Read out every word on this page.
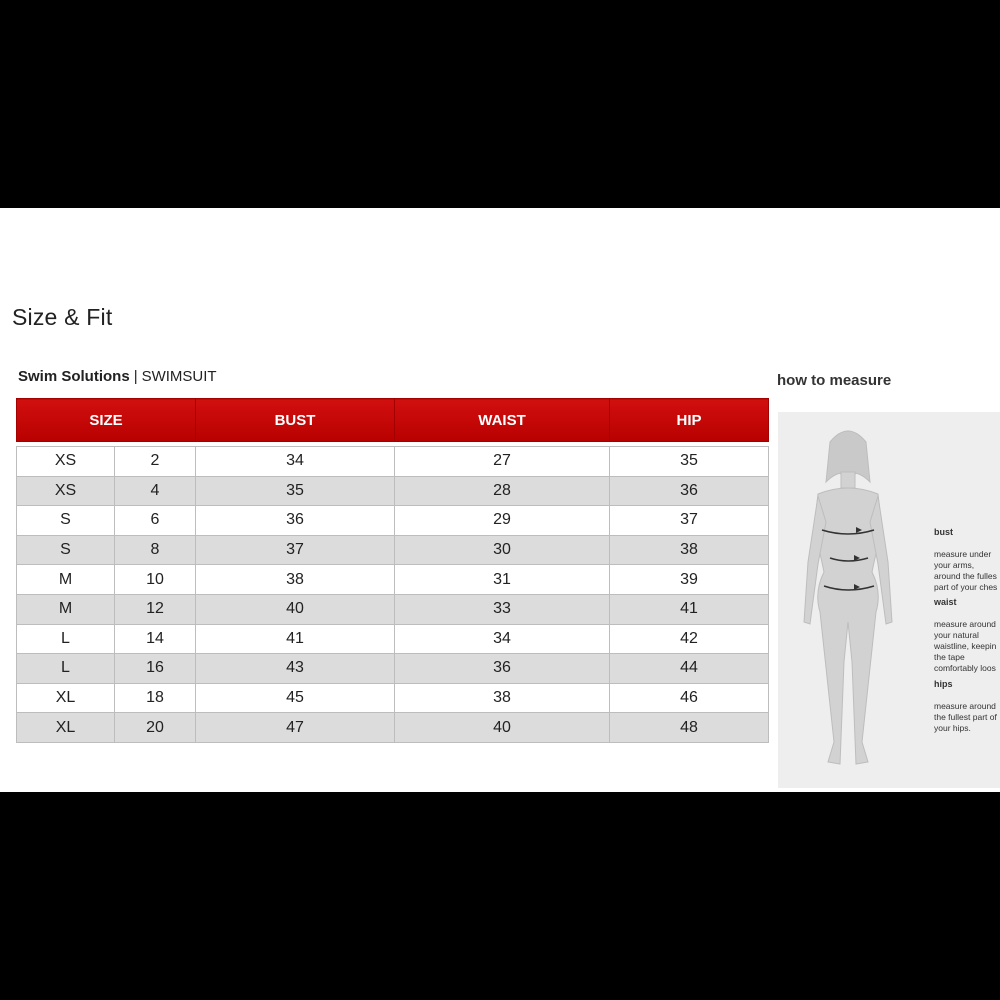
Size & Fit
Swim Solutions | SWIMSUIT
SIZE		BUST	WAIST	HIP

XS	2	34	27	35
XS	4	35	28	36
S	6	36	29	37
S	8	37	30	38
M	10	38	31	39
M	12	40	33	41
L	14	41	34	42
L	16	43	36	44
XL	18	45	38	46
XL	20	47	40	48
how to measure

bust

measure under
your arms,
around the fulles
part of your ches

waist

measure around
your natural
waistline, keepin
the tape
comfortably loos

hips

measure around
the fullest part of
your hips.
